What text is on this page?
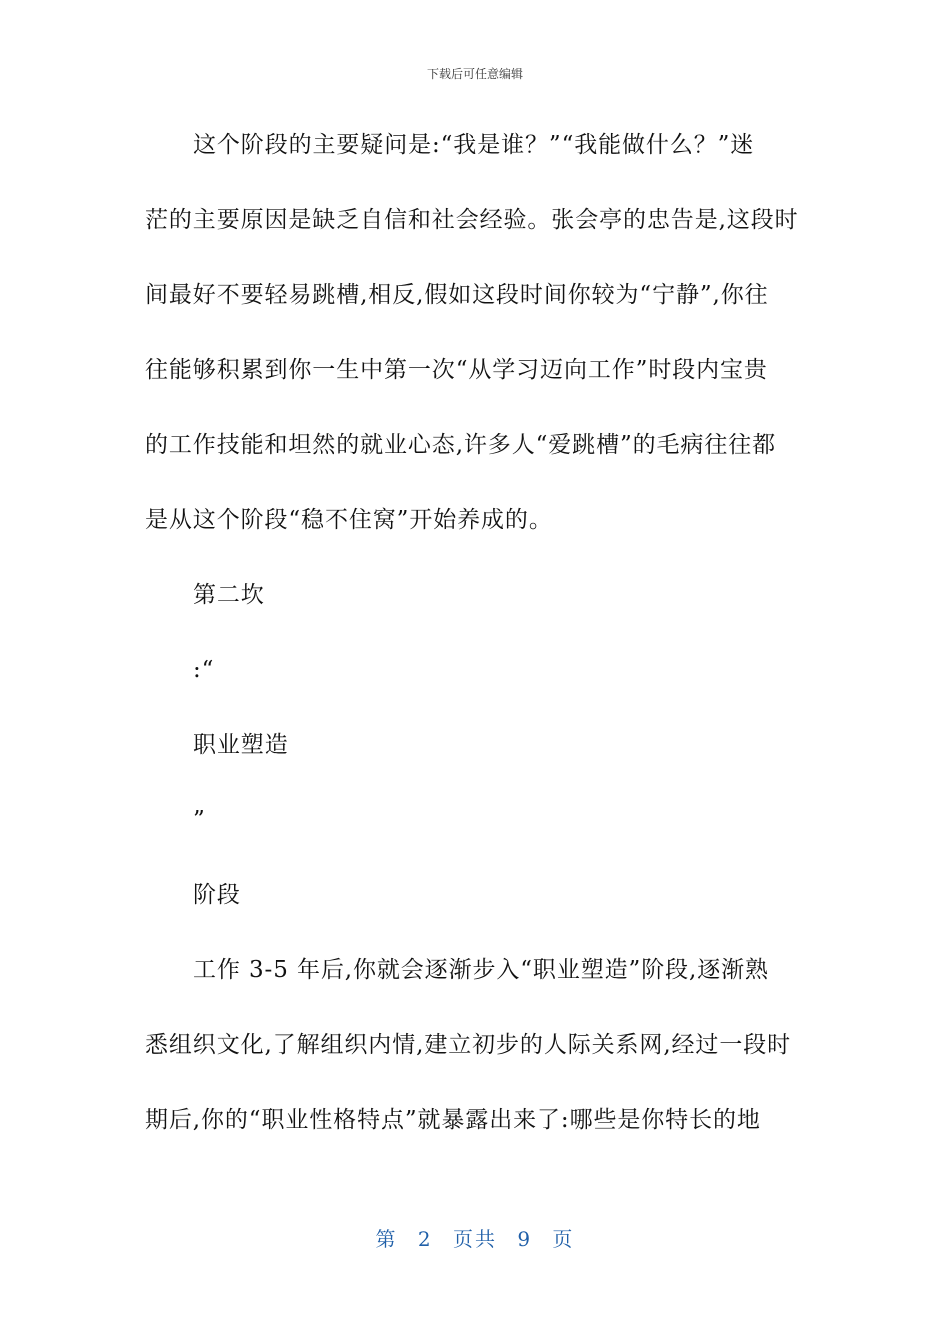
下载后可任意编辑
这个阶段的主要疑问是:“我是谁？”“我能做什么？”迷
茫的主要原因是缺乏自信和社会经验。张会亭的忠告是,这段时
间最好不要轻易跳槽,相反,假如这段时间你较为“宁静”,你往
往能够积累到你一生中第一次“从学习迈向工作”时段内宝贵
的工作技能和坦然的就业心态,许多人“爱跳槽”的毛病往往都
是从这个阶段“稳不住窝”开始养成的。
第二坎
:“
职业塑造
”
阶段
工作 3-5 年后,你就会逐渐步入“职业塑造”阶段,逐渐熟
悉组织文化,了解组织内情,建立初步的人际关系网,经过一段时
期后,你的“职业性格特点”就暴露出来了:哪些是你特长的地
第 2 页共 9 页
